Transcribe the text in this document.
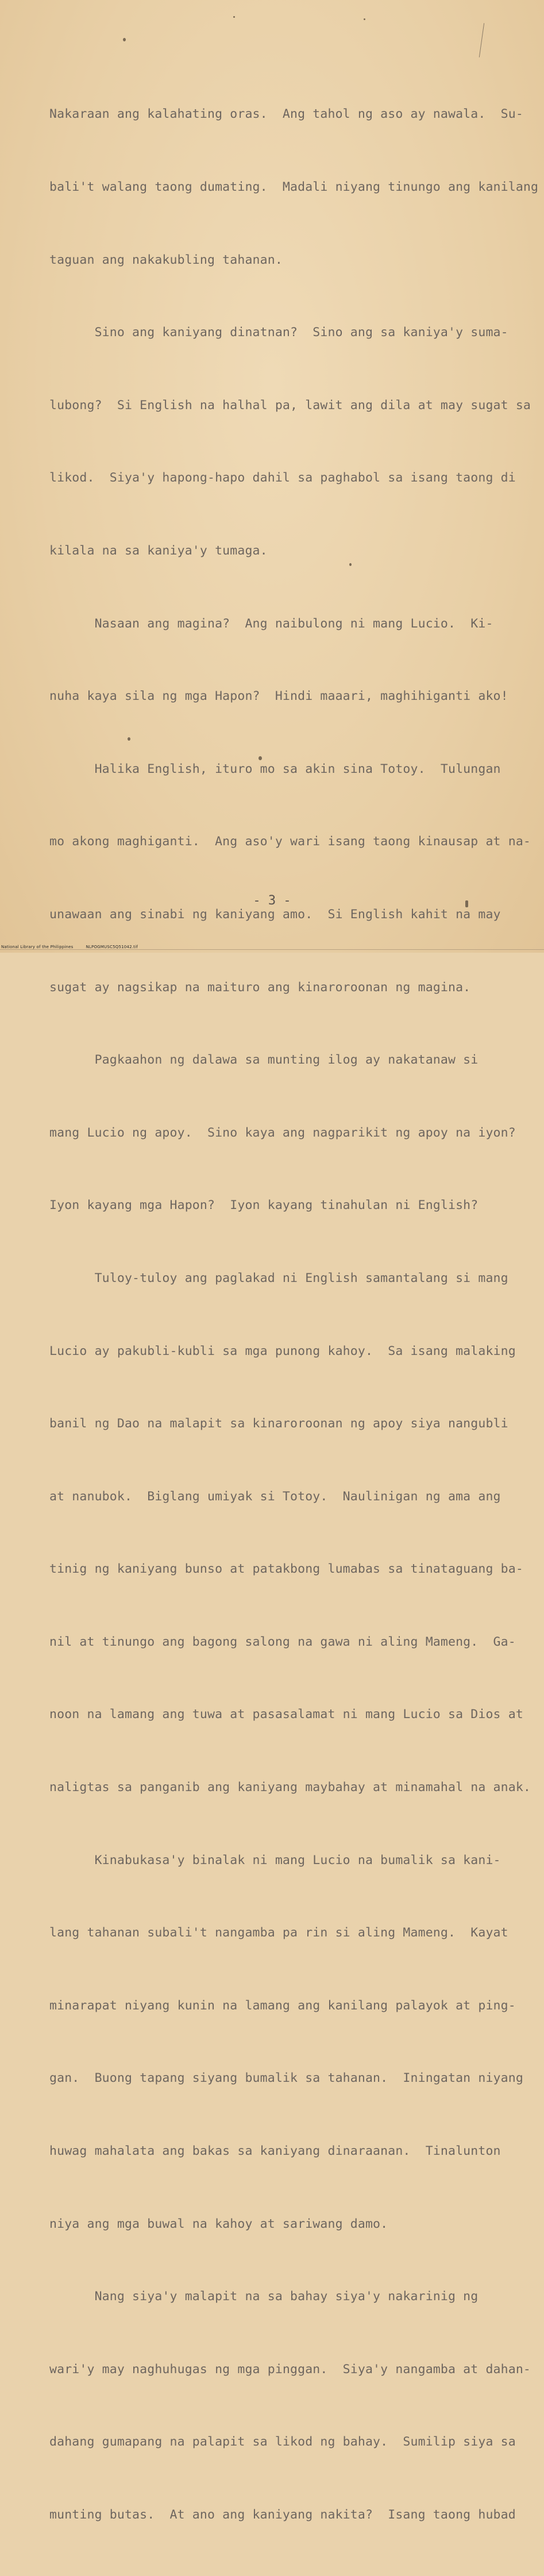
Nakaraan ang kalahating oras.  Ang tahol ng aso ay nawala.  Su-

bali't walang taong dumating.  Madali niyang tinungo ang kanilang

taguan ang nakakubling tahanan.

Sino ang kaniyang dinatnan?  Sino ang sa kaniya'y suma-

lubong?  Si English na halhal pa, lawit ang dila at may sugat sa

likod.  Siya'y hapong-hapo dahil sa paghabol sa isang taong di

kilala na sa kaniya'y tumaga.

Nasaan ang magina?  Ang naibulong ni mang Lucio.  Ki-

nuha kaya sila ng mga Hapon?  Hindi maaari, maghihiganti ako!

Halika English, ituro mo sa akin sina Totoy.  Tulungan

mo akong maghiganti.  Ang aso'y wari isang taong kinausap at na-

unawaan ang sinabi ng kaniyang amo.  Si English kahit na may

sugat ay nagsikap na maituro ang kinaroroonan ng magina.

Pagkaahon ng dalawa sa munting ilog ay nakatanaw si

mang Lucio ng apoy.  Sino kaya ang nagparikit ng apoy na iyon?

Iyon kayang mga Hapon?  Iyon kayang tinahulan ni English?

Tuloy-tuloy ang paglakad ni English samantalang si mang

Lucio ay pakubli-kubli sa mga punong kahoy.  Sa isang malaking

banil ng Dao na malapit sa kinaroroonan ng apoy siya nangubli

at nanubok.  Biglang umiyak si Totoy.  Naulinigan ng ama ang

tinig ng kaniyang bunso at patakbong lumabas sa tinataguang ba-

nil at tinungo ang bagong salong na gawa ni aling Mameng.  Ga-

noon na lamang ang tuwa at pasasalamat ni mang Lucio sa Dios at

naligtas sa panganib ang kaniyang maybahay at minamahal na anak.

Kinabukasa'y binalak ni mang Lucio na bumalik sa kani-

lang tahanan subali't nangamba pa rin si aling Mameng.  Kayat

minarapat niyang kunin na lamang ang kanilang palayok at ping-

gan.  Buong tapang siyang bumalik sa tahanan.  Iningatan niyang

huwag mahalata ang bakas sa kaniyang dinaraanan.  Tinalunton

niya ang mga buwal na kahoy at sariwang damo.

Nang siya'y malapit na sa bahay siya'y nakarinig ng

wari'y may naghuhugas ng mga pinggan.  Siya'y nangamba at dahan-

dahang gumapang na palapit sa likod ng bahay.  Sumilip siya sa

munting butas.  At ano ang kaniyang nakita?  Isang taong hubad

- 3 -
National Library of the Philippines	NLPOGMUSC5Q51042.tif
